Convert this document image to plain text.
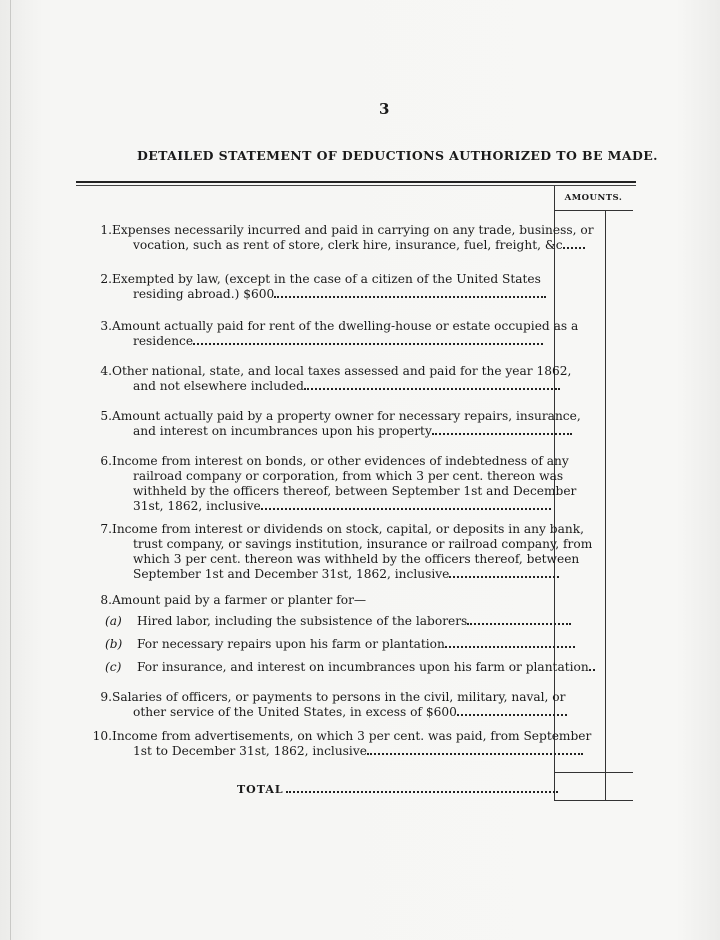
3
DETAILED STATEMENT OF DEDUCTIONS AUTHORIZED TO BE MADE.
AMOUNTS.
1. Expenses necessarily incurred and paid in carrying on any trade, business, or
vocation, such as rent of store, clerk hire, insurance, fuel, freight, &c
2. Exempted by law, (except in the case of a citizen of the United States
residing abroad.) $600
3. Amount actually paid for rent of the dwelling-house or estate occupied as a
residence
4. Other national, state, and local taxes assessed and paid for the year 1862,
and not elsewhere included
5. Amount actually paid by a property owner for necessary repairs, insurance,
and interest on incumbrances upon his property
6. Income from interest on bonds, or other evidences of indebtedness of any
railroad company or corporation, from which 3 per cent. thereon was
withheld by the officers thereof, between September 1st and December
31st, 1862, inclusive
7. Income from interest or dividends on stock, capital, or deposits in any bank,
trust company, or savings institution, insurance or railroad company, from
which 3 per cent. thereon was withheld by the officers thereof, between
September 1st and December 31st, 1862, inclusive
8. Amount paid by a farmer or planter for—
(a) Hired labor, including the subsistence of the laborers
(b) For necessary repairs upon his farm or plantation
(c) For insurance, and interest on incumbrances upon his farm or plantation
9. Salaries of officers, or payments to persons in the civil, military, naval, or
other service of the United States, in excess of $600
10. Income from advertisements, on which 3 per cent. was paid, from September
1st to December 31st, 1862, inclusive
TOTAL
